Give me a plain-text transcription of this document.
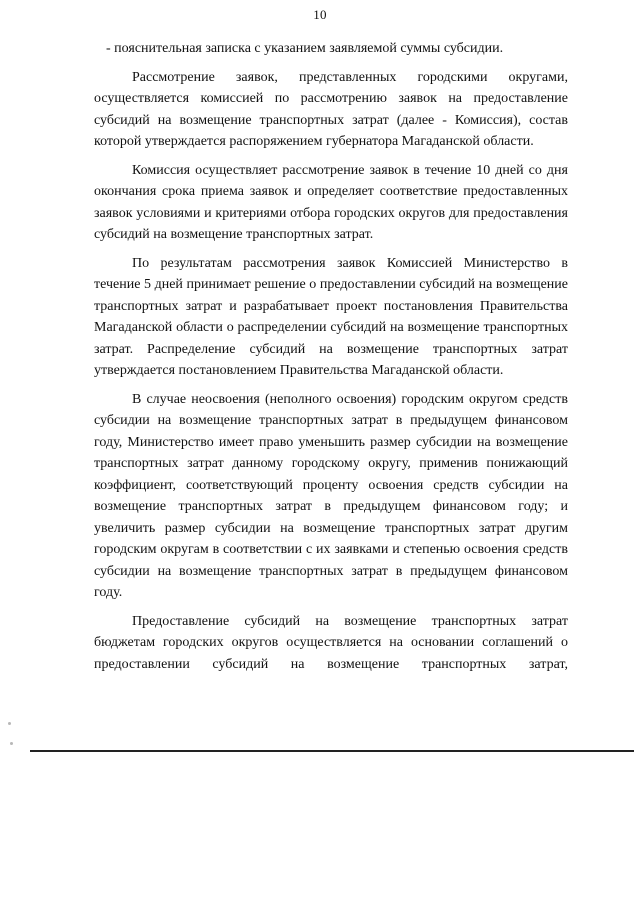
10

- пояснительная записка с указанием заявляемой суммы субсидии.

Рассмотрение заявок, представленных городскими округами, осуществляется комиссией по рассмотрению заявок на предоставление субсидий на возмещение транспортных затрат (далее - Комиссия), состав которой утверждается распоряжением губернатора Магаданской области.

Комиссия осуществляет рассмотрение заявок в течение 10 дней со дня окончания срока приема заявок и определяет соответствие предоставленных заявок условиями и критериями отбора городских округов для предоставления субсидий на возмещение транспортных затрат.

По результатам рассмотрения заявок Комиссией Министерство в течение 5 дней принимает решение о предоставлении субсидий на возмещение транспортных затрат и разрабатывает проект постановления Правительства Магаданской области о распределении субсидий на возмещение транспортных затрат. Распределение субсидий на возмещение транспортных затрат утверждается постановлением Правительства Магаданской области.

В случае неосвоения (неполного освоения) городским округом средств субсидии на возмещение транспортных затрат в предыдущем финансовом году, Министерство имеет право уменьшить размер субсидии на возмещение транспортных затрат данному городскому округу, применив понижающий коэффициент, соответствующий проценту освоения средств субсидии на возмещение транспортных затрат в предыдущем финансовом году; и увеличить размер субсидии на возмещение транспортных затрат другим городским округам в соответствии с их заявками и степенью освоения средств субсидии на возмещение транспортных затрат в предыдущем финансовом году.

Предоставление субсидий на возмещение транспортных затрат бюджетам городских округов осуществляется на основании соглашений о предоставлении субсидий на возмещение транспортных затрат,
